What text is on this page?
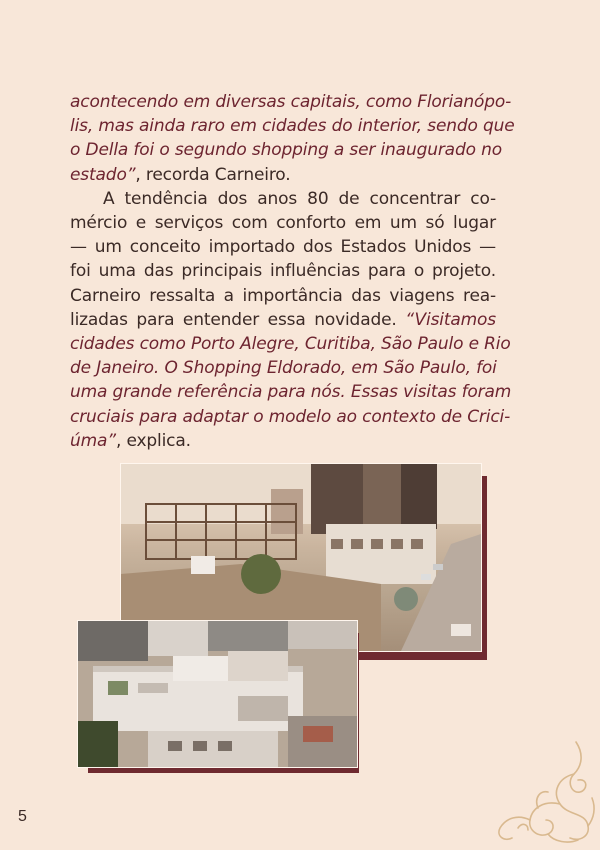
acontecendo em diversas capitais, como Florianópo-
lis, mas ainda raro em cidades do interior, sendo que
o Della foi o segundo shopping a ser inaugurado no
estado”, recorda Carneiro.
A tendência dos anos 80 de concentrar co-
mércio e serviços com conforto em um só lugar
— um conceito importado dos Estados Unidos —
foi uma das principais influências para o projeto.
Carneiro ressalta a importância das viagens rea-
lizadas para entender essa novidade. “Visitamos
cidades como Porto Alegre, Curitiba, São Paulo e Rio
de Janeiro. O Shopping Eldorado, em São Paulo, foi
uma grande referência para nós. Essas visitas foram
cruciais para adaptar o modelo ao contexto de Crici-
úma”, explica.
5
